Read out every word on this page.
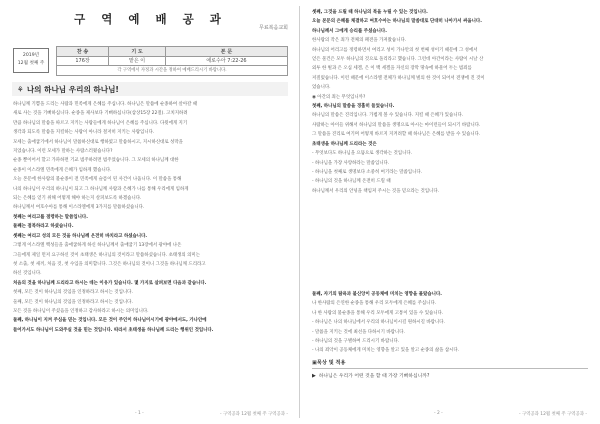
구 역 예 배 공 과
무료복음교회
2019년
12월 첫째 주
찬 송	기 도	본 문
176장	맡은 이	에로수아 7:22-26
각 구역에서 자정과 시간을 정하여 예배드리시기 바랍니다.		
⚘ 나의 하나님 우리의 하나님!

하나님께 기쁨을 드리는 사람과 민족에게 은혜를 주십니다. 하나님은 말씀에 순종하여 살아갈 때

새로 사는 것을 기뻐하십니다. 순종을 제사보다 기뻐하십니다(삼상15장 22절). 고치지하려

만큼 하나님의 말씀을 따르고 지키는 사람들에게 하나님이 은혜를 주십니다. 다윗에게 지기

생각과 되도록 말씀을 지킬하는 사람이 아니라 철저히 지키는 사람입니다.

모세는 출애굽기에서 하나님이 말씀하신대로 행하였고 말씀하시고, 지시하신대로 성막을

지었습니다. 이런 모세가 말하는 사람스러웠습니다?

순종 뿐이어서 할고 가파하면 기교 범주하려면 범주었습니다. 그 모세의 하나님께 대한

순종이 이스라엘 민족에게 은혜가 임하게 했습니다.

오늘 본문에 한사람의 불순종이 전 민족에게 슬픔이 된 사건이 나옵니다. 이 말씀을 통해

나의 하나님이 우리의 하나님이 되고 그 하나님께 사람과 은혜가 나를 통해 우리에게 임하게

되는 은혜를 얻기 위해 어떻게 해야 하는지 살펴보도록 하겠습니다.

하나님께서 여호수아를 통해 이스라엘에게 3가지를 말씀하셨습니다.

첫째는 여리고를 점령하는 말씀입니다.

둘째는 점복하라고 하셨습니다.

셋째는 여리고 성의 모든 것을 하나님께 온전히 바치라고 하셨습니다.

그렇게 이스라엘 백성들을 출애굽하게 하신 하나님께서 출애굽기 13장에서 광야에 나온

그들에게 제일 먼저 요구하신 것이 초태생은 하나님의 것이라고 말씀하셨습니다. 초태생의 의미는

첫 소출, 첫 새끼, 처음 것, 첫 수입을 의미합니다. 그것은 하나님의 것이니 그것을 하나님께 드리라고

하신 것입니다.

처음의 것을 하나님께 드리라고 하시는 데는 이유가 있습니다. 몇 가지로 살펴보면 다음과 같습니다.

첫째, 모든 것이 하나님의 것임을 인정하라고 하시는 것입니다.

둘째, 모든 것이 하나님의 것임을 인정하라고 하시는 것입니다.

모든 것을 하나님이 주셨음을 인정하고 감사하라고 하시는 의미입니다.

둘째, 하나님이 지켜 주심을 믿는 것입니다. 모든 것이 주인이 하나님이시기에 광야에서도, 가나안에

들어가서도 하나님이 도와주실 것을 믿는 것입니다. 따라서 초태생을 하나님께 드리는 행위인 것입니다.

- 1 -	- 구역공과 12월 첫째 주 구역공과 -

셋째, 그것을 드릴 때 하나님의 복을 누릴 수 있는 것입니다.

오늘 본문의 은혜를 체결하고 여호수아는 하나님의 말씀대로 단대히 나아가서 싸웁니다.

하나님께서 그에게 승리를 주셨습니다.

한사람의 작은 죄가 전체의 패전을 가져왔습니다.

하나님의 어리고를 정령하면서 여리고 성이 가나안의 첫 번째 성이기 때문에 그 성에서

얻은 물건은 모두 하나님의 것으로 돌리라고 했습니다. 그런데 아간이라는 사람이 시날 산

외투 한 벌과 은 오십 세겔, 은 이 백 세겔을 자신의 장막 땅속에 하물어 두는 범죄를

저질렀습니다. 이런 때문에 이스라엘 전체가 하나님께 벌의 한 것이 되어서 전쟁에 진 것이

었습니다.

◉ 아간의 죄는 무엇입니까?

첫째, 하나님의 말씀을 경홀히 들었습니다.

하나님의 말씀은 진리입니다. 가볍게 볼 수 있습니다. 지킬 때 은혜가 있습니다.

사람하는 아이들 위해서 하나님의 말씀을 생명으로 아시는 마이런들이 되시기 바랍니다.

그 말씀을 진리로 여기며 어떻게 바르지 지켜려할 때 하나님은 은혜를 받을 수 있습니다.

초태생을 하나님께 드리라는 것은

- 무엇보다도 하나님을 으뜸으로 생각하는 것입니다.

- 하나님을 가장 사랑하라는 말씀입니다.

- 하나님을 첫째로 생명보다 소중히 여기라는 말씀입니다.

- 하나님의 것을 하나님께 온전히 드릴 때

하나님께서 우리의 안녕을 책임져 주시는 것을 믿으라는 것입니다.

둘째, 자기의 탐욕과 불신앙이 공동체에 미치는 영향을 몰랐습니다.

나 한사람의 은연한 순종을 통해 우리 모두에게 은혜를 주십니다.

나 한 사람의 불순종을 통해 우리 모두에게 고통이 있을 수 있습니다.

- 하나님은 나의 하나님에서 우리의 하나님이시길 원하시길 바랍니다.

- 말씀을 지키는 것에 최선을 다하시기 바랍니다.

- 하나님의 것을 구별하여 드리시기 바랍니다.

- 나의 죄악이 공동체에게 미치는 영향을 알고 있을 알고 순종의 삶을 삽시다.

▣묵상 및 적용
▶ 하나님은 우리가 어떤 것을 할 때 가장 기뻐하십니까?
- 2 -	- 구역공과 12월 첫째 주 구역공과 -
